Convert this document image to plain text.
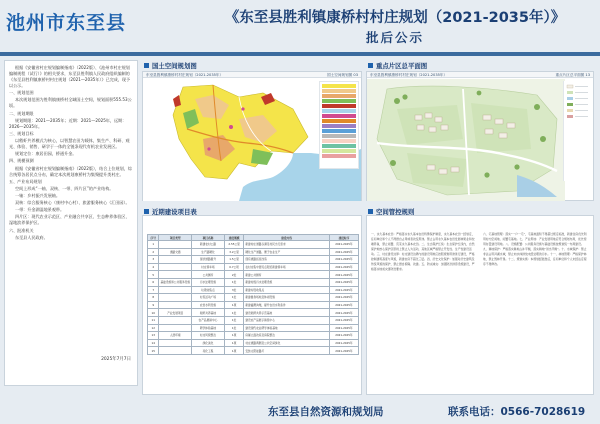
池州市东至县	《东至县胜利镇康桥村村庄规划（2021-2035年）》
批后公示

根据《安徽省村庄规划编制指南》（2022版）、《池州市村庄规划编制规程（试行）》的相关要求，东至县胜利镇人民政府组织编制的《东至县胜利镇康桥村村庄规划（2021—2035年）》已完成，现予以公示。

一、规划范围

本次规划范围为胜利镇康桥村全域国土空间，规划面积555.53公顷。

二、规划期限

规划期限：2021—2035年；近期：2021—2025年，远期：2026—2035年。

三、规划目标

以稻虾共养模式为核心，以智慧农田为载体，集生产、科研、观光、体验、销售、研学于一体的全链条现代有机农业发展区。

规划定位：康居田园，桥通升金。

四、规模预测

根据《安徽省村庄规划编制指南》（2022版），结合上位规划，综合统筹各居民点分布，确定本次规划康桥村为集聚提升类村庄。

五、产业布局规划

空间上形成“一轴、双核、一带、四片区”的产业结构。

一轴：乡村振兴发展轴。

双核：综合服务核心（康村中心村）、旅游服务核心（汇田园）。

一带：升金湖湿地景观带。

四片区：现代农业示范区、产业融合共享区、生态种养体验区、湿地滨养保护区。

六、批准机关

东至县人民政府。

2025年7月7日
国土空间规划图
东至县胜利镇康桥村村庄规划（2021-2035年）	国土空间规划图 03
重点片区总平面图
东至县胜利镇康桥村村庄规划（2021-2035年）	重点片区总平面图 13
近期建设项目表
序号	项目类型	项目名称	建设规模	建设内容	建设时序
1		新建农村公路	2.55公里	新建村庄道路以满足村民出行需求	2021-2025年
2	道路交通	生产路硬化	3.2公里	硬化生产道路，便于农业生产	2021-2025年
3		现状道路提升	1.5公里	现有道路拓宽改造	2021-2025年
4		村庄停车场	0.7公顷	在村庄集中居民点附近新建停车场	2021-2025年
5		公共厕所	2处	新建公共厕所	2021-2025年
6	基础设施和公共服务设施	污水处理设施	1处	新建村级污水处理设施	2021-2025年
7		垃圾收集点	3处	新建垃圾收集点	2021-2025年
8		村民活动广场	1处	新建健身场地及休闲设施	2021-2025年
9		农田水利设施	1项	新建灌溉沟渠，提升农田水利条件	2021-2025年
10	产业发展项目	稻虾共养基地	1处	建设稻虾共养示范基地	2021-2025年
11		农产品展销中心	1处	建设农产品展示销售中心	2021-2025年
12		研学体验基地	1处	建设现代农业研学体验基地	2021-2025年
13	人居环境	村庄风貌整治	1项	房屋立面改造及庭院整治	2021-2025年
14		绿化美化	1项	村庄道路两侧及公共空间绿化	2021-2025年
15		亮化工程	1项	安装太阳能路灯	2021-2025年
空间管控规则
一、永久基本农田：严格落实永久基本农田特殊保护制度，永久基本农田一经划定，任何单位和个人不得擅自占用或者改变用途。禁止占用永久基本农田发展林果业和挖塘养鱼，禁止闲置、荒芜永久基本农田。二、生态保护红线：生态保护红线内，自然保护地核心保护区原则上禁止人为活动，其他区域严格禁止开发性、生产性建设活动。三、村庄建设边界：村庄建设边界内的建设用地应按照规划用途进行建设，严格控制建筑高度与风貌，新建农房不超过三层。四、历史文化保护：加强对历史建筑及传统风貌的保护，禁止擅自拆除、改建。五、防灾减灾：加强防洪排涝设施建设，严格落实地质灾害防治要求。
六、宅基地管理：落实“一户一宅”，宅基地面积不得超过规定标准，新建住房优先利用村内空闲地、闲置宅基地。七、产业用地：产业发展用地应符合规划布局，优先使用存量建设用地。八、设施配置：公共服务设施与基础设施按规划统一布局建设。九、耕地保护：严格落实耕地占补平衡，落实耕地“进出平衡”。十、水域保护：禁止非法占用河湖水域，禁止向水体排放未经处理的污水。十一、林地管理：严格保护林地，禁止毁林开垦。十二、规划实施：本规划经批准后，任何单位和个人未经法定程序不得修改。
东至县自然资源和规划局	联系电话：0566-7028619
